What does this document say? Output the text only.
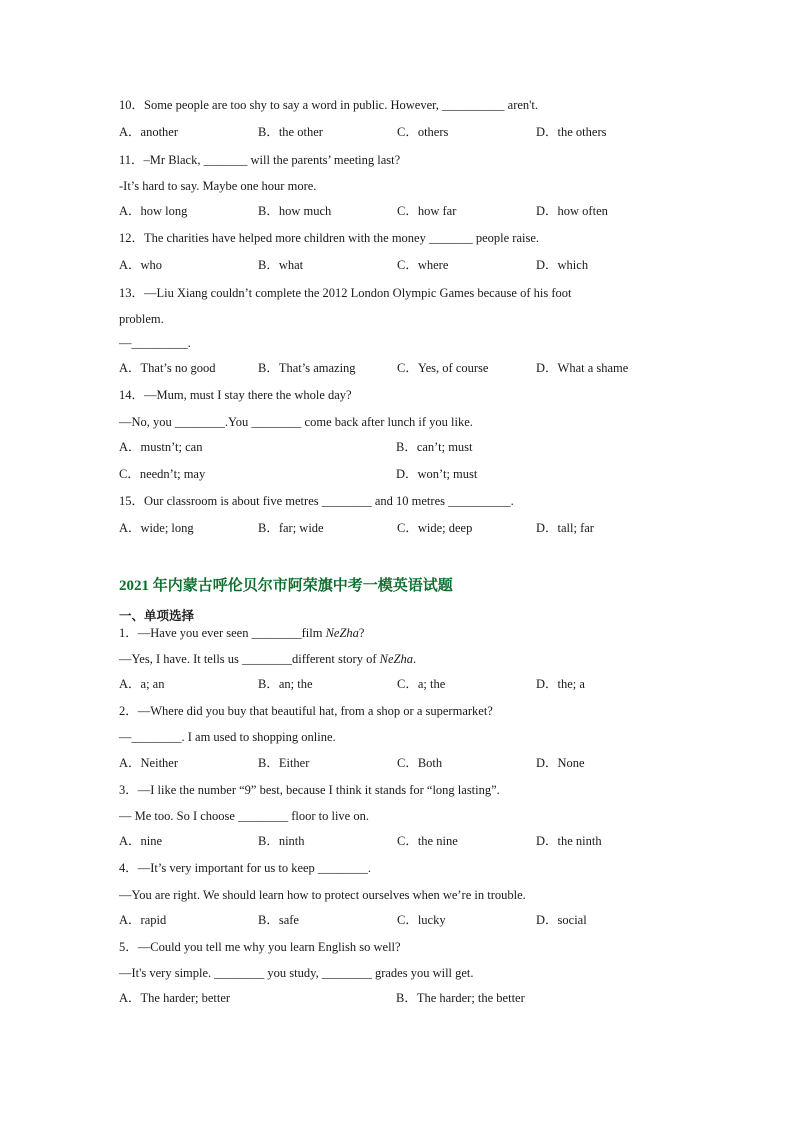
10．Some people are too shy to say a word in public. However, __________ aren't.
A．another	B．the other	C．others	D．the others
11．–Mr Black, _______ will the parents’ meeting last?
-It’s hard to say. Maybe one hour more.
A．how long	B．how much	C．how far	D．how often
12．The charities have helped more children with the money _______ people raise.
A．who	B．what	C．where	D．which
13．—Liu Xiang couldn’t complete the 2012 London Olympic Games because of his foot
problem.
—_________.
A．That’s no good	B．That’s amazing	C．Yes, of course	D．What a shame
14．—Mum, must I stay there the whole day?
—No, you ________.You ________ come back after lunch if you like.
A．mustn’t; can	B．can’t; must
C．needn’t; may	D．won’t; must
15．Our classroom is about five metres ________ and 10 metres __________.
A．wide; long	B．far; wide	C．wide; deep	D．tall; far
2021 年内蒙古呼伦贝尔市阿荣旗中考一模英语试题
一、单项选择
1．—Have you ever seen ________film NeZha?
—Yes, I have. It tells us ________different story of NeZha.
A．a; an	B．an; the	C．a; the	D．the; a
2．—Where did you buy that beautiful hat, from a shop or a supermarket?
—________. I am used to shopping online.
A．Neither	B．Either	C．Both	D．None
3．—I like the number “9” best, because I think it stands for “long lasting”.
— Me too. So I choose ________ floor to live on.
A．nine	B．ninth	C．the nine	D．the ninth
4．—It’s very important for us to keep ________.
—You are right. We should learn how to protect ourselves when we’re in trouble.
A．rapid	B．safe	C．lucky	D．social
5．—Could you tell me why you learn English so well?
—It's very simple. ________ you study, ________ grades you will get.
A．The harder; better	B．The harder; the better
